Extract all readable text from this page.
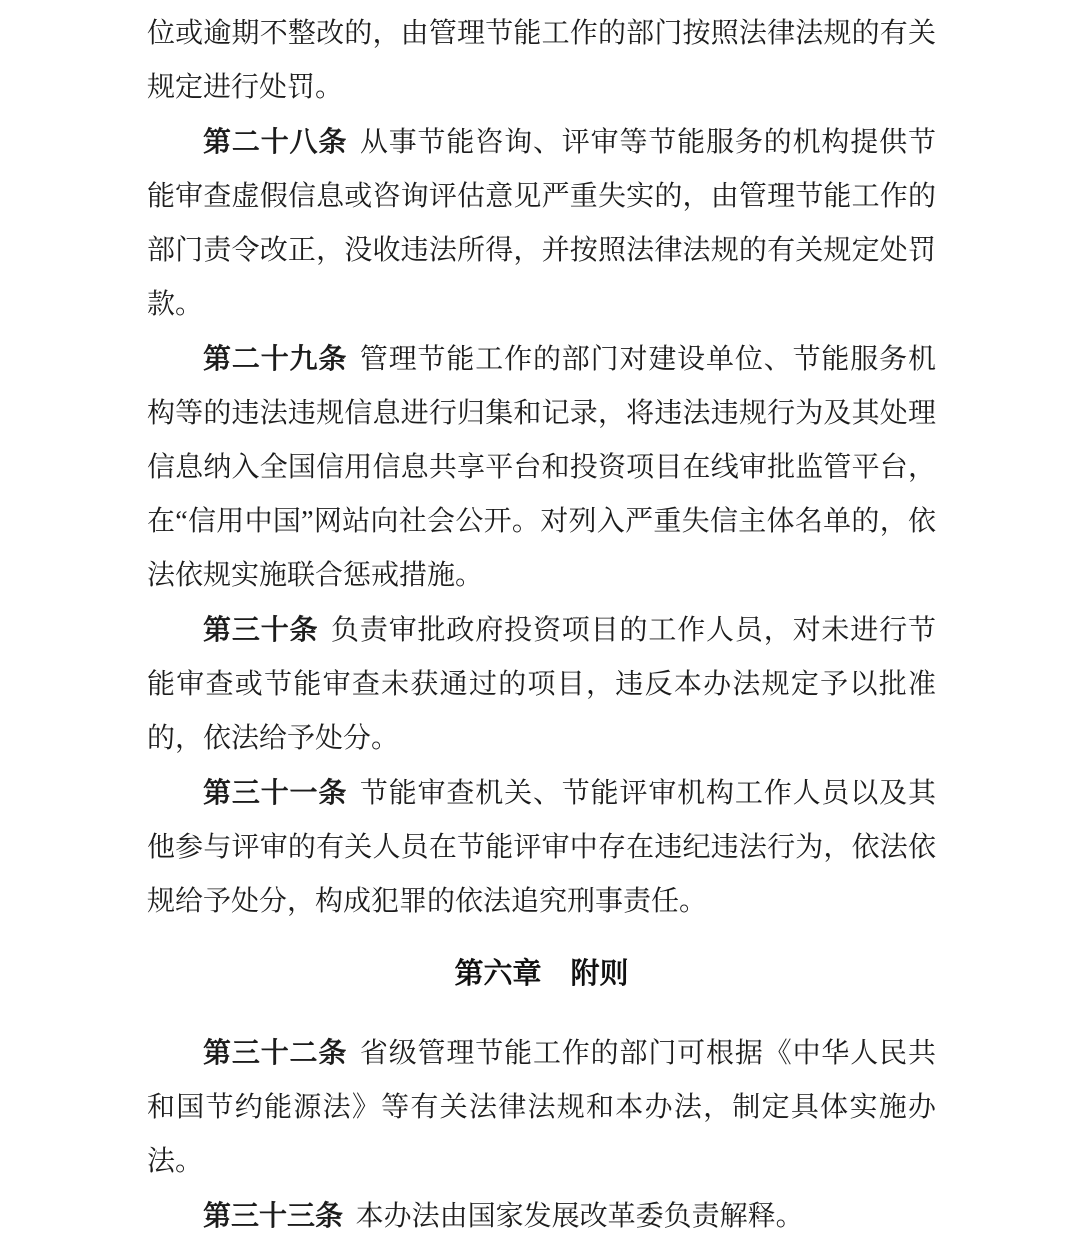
位或逾期不整改的，由管理节能工作的部门按照法律法规的有关规定进行处罚。

第二十八条 从事节能咨询、评审等节能服务的机构提供节能审查虚假信息或咨询评估意见严重失实的，由管理节能工作的部门责令改正，没收违法所得，并按照法律法规的有关规定处罚款。

第二十九条 管理节能工作的部门对建设单位、节能服务机构等的违法违规信息进行归集和记录，将违法违规行为及其处理信息纳入全国信用信息共享平台和投资项目在线审批监管平台，在“信用中国”网站向社会公开。对列入严重失信主体名单的，依法依规实施联合惩戒措施。

第三十条 负责审批政府投资项目的工作人员，对未进行节能审查或节能审查未获通过的项目，违反本办法规定予以批准的，依法给予处分。

第三十一条 节能审查机关、节能评审机构工作人员以及其他参与评审的有关人员在节能评审中存在违纪违法行为，依法依规给予处分，构成犯罪的依法追究刑事责任。

第六章　附则

第三十二条 省级管理节能工作的部门可根据《中华人民共和国节约能源法》等有关法律法规和本办法，制定具体实施办法。

第三十三条 本办法由国家发展改革委负责解释。
